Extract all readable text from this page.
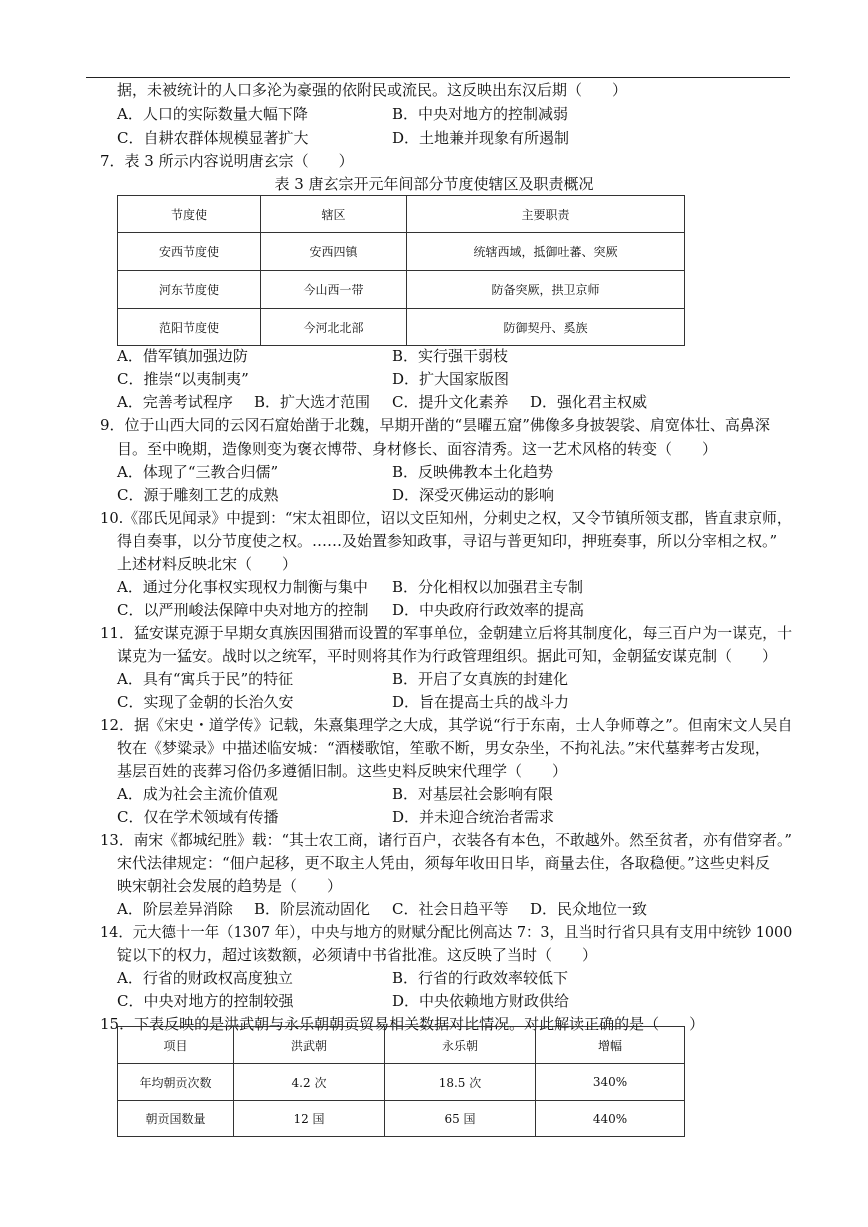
据，未被统计的人口多沦为豪强的依附民或流民。这反映出东汉后期（　　）
A．人口的实际数量大幅下降	B．中央对地方的控制减弱
C．自耕农群体规模显著扩大	D．土地兼并现象有所遏制
7．表 3 所示内容说明唐玄宗（　　）
表 3 唐玄宗开元年间部分节度使辖区及职责概况
节度使	辖区	主要职责
安西节度使	安西四镇	统辖西域，抵御吐蕃、突厥
河东节度使	今山西一带	防备突厥，拱卫京师
范阳节度使	今河北北部	防御契丹、奚族
A．借军镇加强边防	B．实行强干弱枝
C．推崇“以夷制夷”	D．扩大国家版图
A．完善考试程序 B．扩大选才范围 C．提升文化素养 D．强化君主权威
9．位于山西大同的云冈石窟始凿于北魏，早期开凿的“昙曜五窟”佛像多身披袈裟、肩宽体壮、高鼻深
目。至中晚期，造像则变为褒衣博带、身材修长、面容清秀。这一艺术风格的转变（　　）
A．体现了“三教合归儒”	B．反映佛教本土化趋势
C．源于雕刻工艺的成熟	D．深受灭佛运动的影响
10.《邵氏见闻录》中提到：“宋太祖即位，诏以文臣知州，分刺史之权，又令节镇所领支郡，皆直隶京师，
得自奏事，以分节度使之权。……及始置参知政事，寻诏与普更知印，押班奏事，所以分宰相之权。”
上述材料反映北宋（　　）
A．通过分化事权实现权力制衡与集中 B．分化相权以加强君主专制
C．以严刑峻法保障中央对地方的控制 D．中央政府行政效率的提高
11．猛安谋克源于早期女真族因围猎而设置的军事单位，金朝建立后将其制度化，每三百户为一谋克，十
谋克为一猛安。战时以之统军，平时则将其作为行政管理组织。据此可知，金朝猛安谋克制（　　）
A．具有“寓兵于民”的特征	B．开启了女真族的封建化
C．实现了金朝的长治久安	D．旨在提高士兵的战斗力
12．据《宋史・道学传》记载，朱熹集理学之大成，其学说“行于东南，士人争师尊之”。但南宋文人吴自
牧在《梦粱录》中描述临安城：“酒楼歌馆，笙歌不断，男女杂坐，不拘礼法。”宋代墓葬考古发现，
基层百姓的丧葬习俗仍多遵循旧制。这些史料反映宋代理学（　　）
A．成为社会主流价值观	B．对基层社会影响有限
C．仅在学术领域有传播	D．并未迎合统治者需求
13．南宋《都城纪胜》载：“其士农工商，诸行百户，衣装各有本色，不敢越外。然至贫者，亦有借穿者。”
宋代法律规定：“佃户起移，更不取主人凭由，须每年收田日毕，商量去住，各取稳便。”这些史料反
映宋朝社会发展的趋势是（　　）
A．阶层差异消除 B．阶层流动固化 C．社会日趋平等 D．民众地位一致
14．元大德十一年（1307 年），中央与地方的财赋分配比例高达 7：3，且当时行省只具有支用中统钞 1000
锭以下的权力，超过该数额，必须请中书省批准。这反映了当时（　　）
A．行省的财政权高度独立	B．行省的行政效率较低下
C．中央对地方的控制较强	D．中央依赖地方财政供给
15．下表反映的是洪武朝与永乐朝朝贡贸易相关数据对比情况。对此解读正确的是（　　）
项目	洪武朝	永乐朝	增幅
年均朝贡次数	4.2 次	18.5 次	340%
朝贡国数量	12 国	65 国	440%
